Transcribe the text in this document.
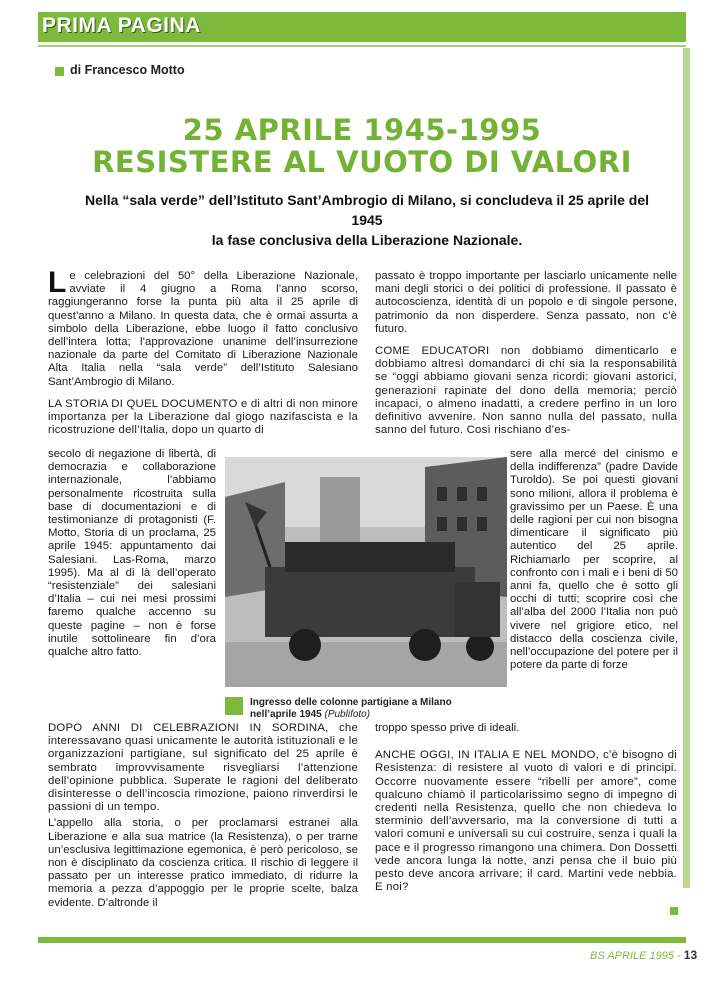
PRIMA PAGINA
di Francesco Motto
25 APRILE 1945-1995
RESISTERE AL VUOTO DI VALORI
Nella “sala verde” dell’Istituto Sant’Ambrogio di Milano, si concludeva il 25 aprile del 1945
la fase conclusiva della Liberazione Nazionale.

Le celebrazioni del 50° della Liberazione Nazionale, avviate il 4 giugno a Roma l’anno scorso, raggiungeranno forse la punta più alta il 25 aprile di quest’anno a Milano. In questa data, che è ormai assurta a simbolo della Liberazione, ebbe luogo il fatto conclusivo dell’intera lotta; l’approvazione unanime dell’insurrezione nazionale da parte del Comitato di Liberazione Nazionale Alta Italia nella “sala verde” dell’Istituto Salesiano Sant’Ambrogio di Milano.

LA STORIA DI QUEL DOCUMENTO e di altri di non minore importanza per la Liberazione dal giogo nazifascista e la ricostruzione dell’Italia, dopo un quarto di

secolo di negazione di libertà, di democrazia e collaborazione internazionale, l’abbiamo personalmente ricostruita sulla base di documentazioni e di testimonianze di protagonisti (F. Motto, Storia di un proclama, 25 aprile 1945: appuntamento dai Salesiani. Las-Roma, marzo 1995). Ma al di là dell’operato “resistenziale” dei salesiani d’Italia – cui nei mesi prossimi faremo qualche accenno su queste pagine – non è forse inutile sottolineare fin d’ora qualche altro fatto.
Ingresso delle colonne partigiane a Milano nell’aprile 1945 (Publifoto)

DOPO ANNI DI CELEBRAZIONI IN SORDINA, che interessavano quasi unicamente le autorità istituzionali e le organizzazioni partigiane, sul significato del 25 aprile è sembrato improvvisamente risvegliarsi l’attenzione dell’opinione pubblica. Superate le ragioni del deliberato disinteresse o dell’incoscia rimozione, paiono rinverdirsi le passioni di un tempo.

L’appello alla storia, o per proclamarsi estranei alla Liberazione e alla sua matrice (la Resistenza), o per trarne un’esclusiva legittimazione egemonica, è però pericoloso, se non è disciplinato da coscienza critica. Il rischio di leggere il passato per un interesse pratico immediato, di ridurre la memoria a pezza d’appoggio per le proprie scelte, balza evidente. D’altronde il

passato è troppo importante per lasciarlo unicamente nelle mani degli storici o dei politici di professione. Il passato è autocoscienza, identità di un popolo e di singole persone, patrimonio da non disperdere. Senza passato, non c’è futuro.

COME EDUCATORI non dobbiamo dimenticarlo e dobbiamo altresì domandarci di chi sia la responsabilità se “oggi abbiamo giovani senza ricordi: giovani astorici, generazioni rapinate del dono della memoria; perciò incapaci, o almeno inadatti, a credere perfino in un loro definitivo avvenire. Non sanno nulla del passato, nulla sanno del futuro. Così rischiano d’es-

sere alla mercé del cinismo e della indifferenza” (padre Davide Turoldo). Se poi questi giovani sono milioni, allora il problema è gravissimo per un Paese. È una delle ragioni per cui non bisogna dimenticare il significato più autentico del 25 aprile. Richiamarlo per scoprire, al confronto con i mali e i beni di 50 anni fa, quello che è sotto gli occhi di tutti; scoprire così che all’alba del 2000 l’Italia non può vivere nel grigiore etico, nel distacco della coscienza civile, nell’occupazione del potere per il potere da parte di forze

troppo spesso prive di ideali.

ANCHE OGGI, IN ITALIA E NEL MONDO, c’è bisogno di Resistenza: di resistere al vuoto di valori e di principi. Occorre nuovamente essere “ribelli per amore”, come qualcuno chiamò il particolarissimo segno di impegno di credenti nella Resistenza, quello che non chiedeva lo sterminio dell’avversario, ma la conversione di tutti a valori comuni e universali su cui costruire, senza i quali la pace e il progresso rimangono una chimera. Don Dossetti vede ancora lunga la notte, anzi pensa che il buio più pesto deve ancora arrivare; il card. Martini vede nebbia. E noi?

BS APRILE 1995 - 13
